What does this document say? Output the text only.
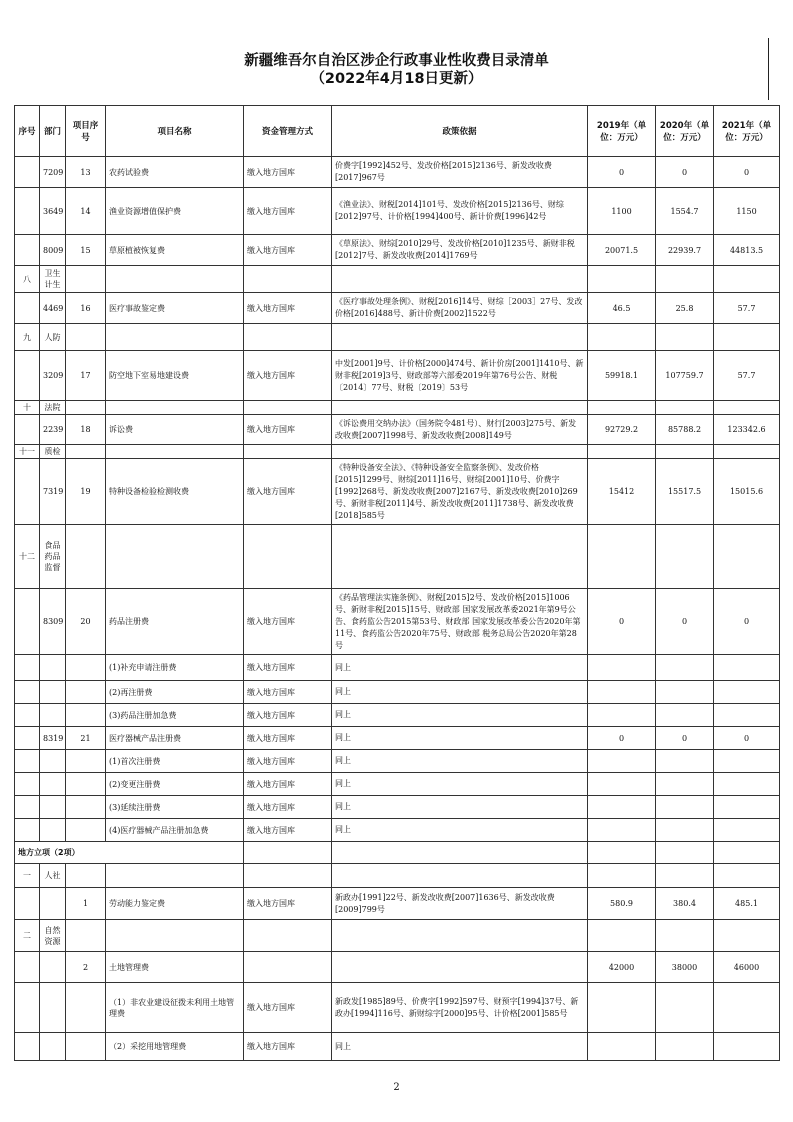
新疆维吾尔自治区涉企行政事业性收费目录清单
（2022年4月18日更新）
序号	部门	项目序号	项目名称	资金管理方式	政策依据	2019年（单位：万元）	2020年（单位：万元）	2021年（单位：万元）
	7209	13	农药试验费	缴入地方国库	价费字[1992]452号、发改价格[2015]2136号、新发改收费[2017]967号	0	0	0
	3649	14	渔业资源增值保护费	缴入地方国库	《渔业法》、财税[2014]101号、发改价格[2015]2136号、财综[2012]97号、计价格[1994]400号、新计价费[1996]42号	1100	1554.7	1150
	8009	15	草原植被恢复费	缴入地方国库	《草原法》、财综[2010]29号、发改价格[2010]1235号、新财非税[2012]7号、新发改收费[2014]1769号	20071.5	22939.7	44813.5
八	卫生计生							
	4469	16	医疗事故鉴定费	缴入地方国库	《医疗事故处理条例》、财税[2016]14号、财综［2003］27号、发改价格[2016]488号、新计价费[2002]1522号	46.5	25.8	57.7
九	人防							
	3209	17	防空地下室易地建设费	缴入地方国库	中发[2001]9号、计价格[2000]474号、新计价房[2001]1410号、新财非税[2019]3号、财政部等六部委2019年第76号公告、财税〔2014〕77号、财税〔2019〕53号	59918.1	107759.7	57.7
十	法院							
	2239	18	诉讼费	缴入地方国库	《诉讼费用交纳办法》（国务院令481号）、财行[2003]275号、新发改收费[2007]1998号、新发改收费[2008]149号	92729.2	85788.2	123342.6
十一	质检							
	7319	19	特种设备检验检测收费	缴入地方国库	《特种设备安全法》、《特种设备安全监察条例》、发改价格[2015]1299号、财综[2011]16号、财综[2001]10号、价费字[1992]268号、新发改收费[2007]2167号、新发改收费[2010]269号、新财非税[2011]4号、新发改收费[2011]1738号、新发改收费[2018]585号	15412	15517.5	15015.6
十二	食品药品监督							
	8309	20	药品注册费	缴入地方国库	《药品管理法实施条例》、财税[2015]2号、发改价格[2015]1006号、新财非税[2015]15号、财政部 国家发展改革委2021年第9号公告、食药监公告2015第53号、财政部 国家发展改革委公告2020年第11号、食药监公告2020年75号、财政部 税务总局公告2020年第28号	0	0	0
			(1)补充申请注册费	缴入地方国库	同上			
			(2)再注册费	缴入地方国库	同上			
			(3)药品注册加急费	缴入地方国库	同上			
	8319	21	医疗器械产品注册费	缴入地方国库	同上	0	0	0
			(1)首次注册费	缴入地方国库	同上			
			(2)变更注册费	缴入地方国库	同上			
			(3)延续注册费	缴入地方国库	同上			
			(4)医疗器械产品注册加急费	缴入地方国库	同上			
地方立项（2项）								
一	人社							
		1	劳动能力鉴定费	缴入地方国库	新政办[1991]22号、新发改收费[2007]1636号、新发改收费[2009]799号	580.9	380.4	485.1
二	自然资源							
		2	土地管理费			42000	38000	46000
			（1）非农业建设征拨未利用土地管理费	缴入地方国库	新政发[1985]89号、价费字[1992]597号、财预字[1994]37号、新政办[1994]116号、新财综字[2000]95号、计价格[2001]585号			
			（2）采挖用地管理费	缴入地方国库	同上			
2
